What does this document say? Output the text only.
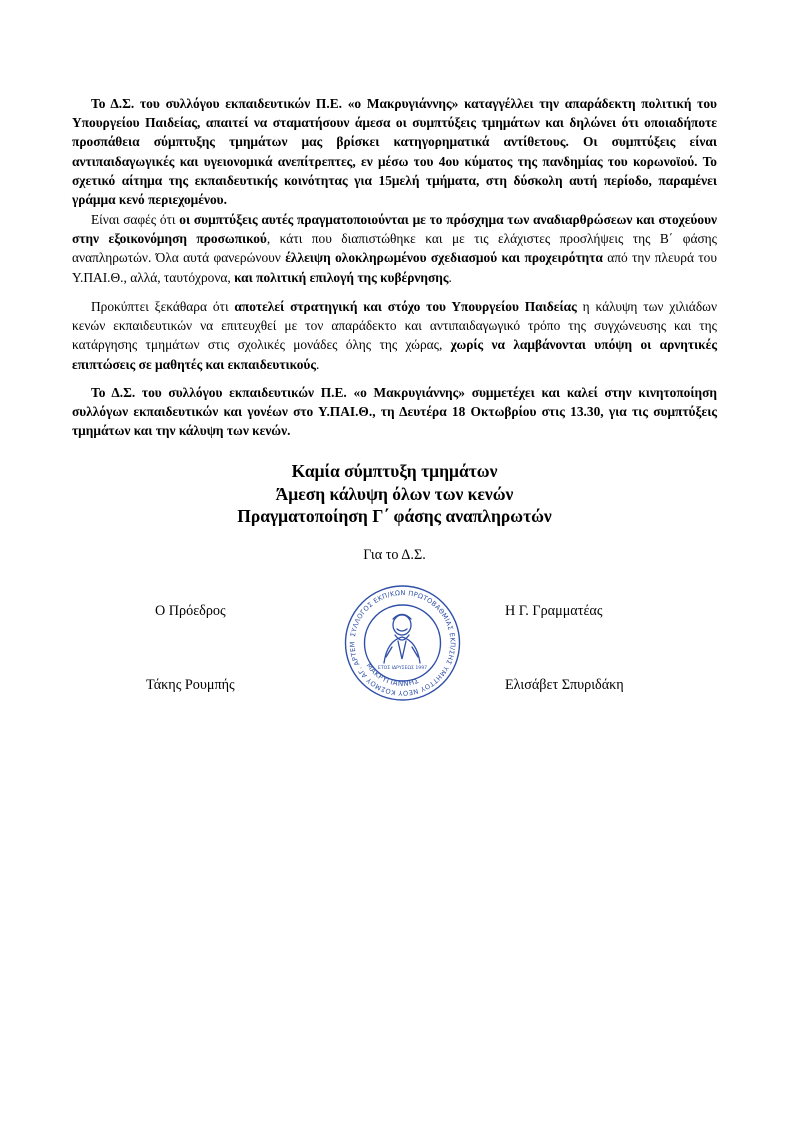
Το Δ.Σ. του συλλόγου εκπαιδευτικών Π.Ε. «ο Μακρυγιάννης» καταγγέλλει την απαράδεκτη πολιτική του Υπουργείου Παιδείας, απαιτεί να σταματήσουν άμεσα οι συμπτύξεις τμημάτων και δηλώνει ότι οποιαδήποτε προσπάθεια σύμπτυξης τμημάτων μας βρίσκει κατηγορηματικά αντίθετους. Οι συμπτύξεις είναι αντιπαιδαγωγικές και υγειονομικά ανεπίτρεπτες, εν μέσω του 4ου κύματος της πανδημίας του κορωνοϊού. Το σχετικό αίτημα της εκπαιδευτικής κοινότητας για 15μελή τμήματα, στη δύσκολη αυτή περίοδο, παραμένει γράμμα κενό περιεχομένου.

Είναι σαφές ότι οι συμπτύξεις αυτές πραγματοποιούνται με το πρόσχημα των αναδιαρθρώσεων και στοχεύουν στην εξοικονόμηση προσωπικού, κάτι που διαπιστώθηκε και με τις ελάχιστες προσλήψεις της Β΄ φάσης αναπληρωτών. Όλα αυτά φανερώνουν έλλειψη ολοκληρωμένου σχεδιασμού και προχειρότητα από την πλευρά του Υ.ΠΑΙ.Θ., αλλά, ταυτόχρονα, και πολιτική επιλογή της κυβέρνησης.

Προκύπτει ξεκάθαρα ότι αποτελεί στρατηγική και στόχο του Υπουργείου Παιδείας η κάλυψη των χιλιάδων κενών εκπαιδευτικών να επιτευχθεί με τον απαράδεκτο και αντιπαιδαγωγικό τρόπο της συγχώνευσης και της κατάργησης τμημάτων στις σχολικές μονάδες όλης της χώρας, χωρίς να λαμβάνονται υπόψη οι αρνητικές επιπτώσεις σε μαθητές και εκπαιδευτικούς.

Το Δ.Σ. του συλλόγου εκπαιδευτικών Π.Ε. «ο Μακρυγιάννης» συμμετέχει και καλεί στην κινητοποίηση συλλόγων εκπαιδευτικών και γονέων στο Υ.ΠΑΙ.Θ., τη Δευτέρα 18 Οκτωβρίου στις 13.30, για τις συμπτύξεις τμημάτων και την κάλυψη των κενών.

Καμία σύμπτυξη τμημάτων
Άμεση κάλυψη όλων των κενών
Πραγματοποίηση Γ΄ φάσης αναπληρωτών
Για το Δ.Σ.
Ο Πρόεδρος
Τάκης Ρουμπής
Η Γ. Γραμματέας
Ελισάβετ Σπυριδάκη
ΣΥΛΛΟΓΟΣ ΕΚΠ/ΚΩΝ ΠΡΩΤΟΒΑΘΜΙΑΣ ΕΚΠ/ΣΗΣ ΥΜΗΤΤΟΥ ΝΕΟΥ ΚΟΣΜΟΥ ΑΓ. ΑΡΤΕΜ
ΕΤΟΣ ΙΔΡΥΣΕΩΣ 1997
ΜΑΚΡΥΓΙΑΝΝΗΣ
